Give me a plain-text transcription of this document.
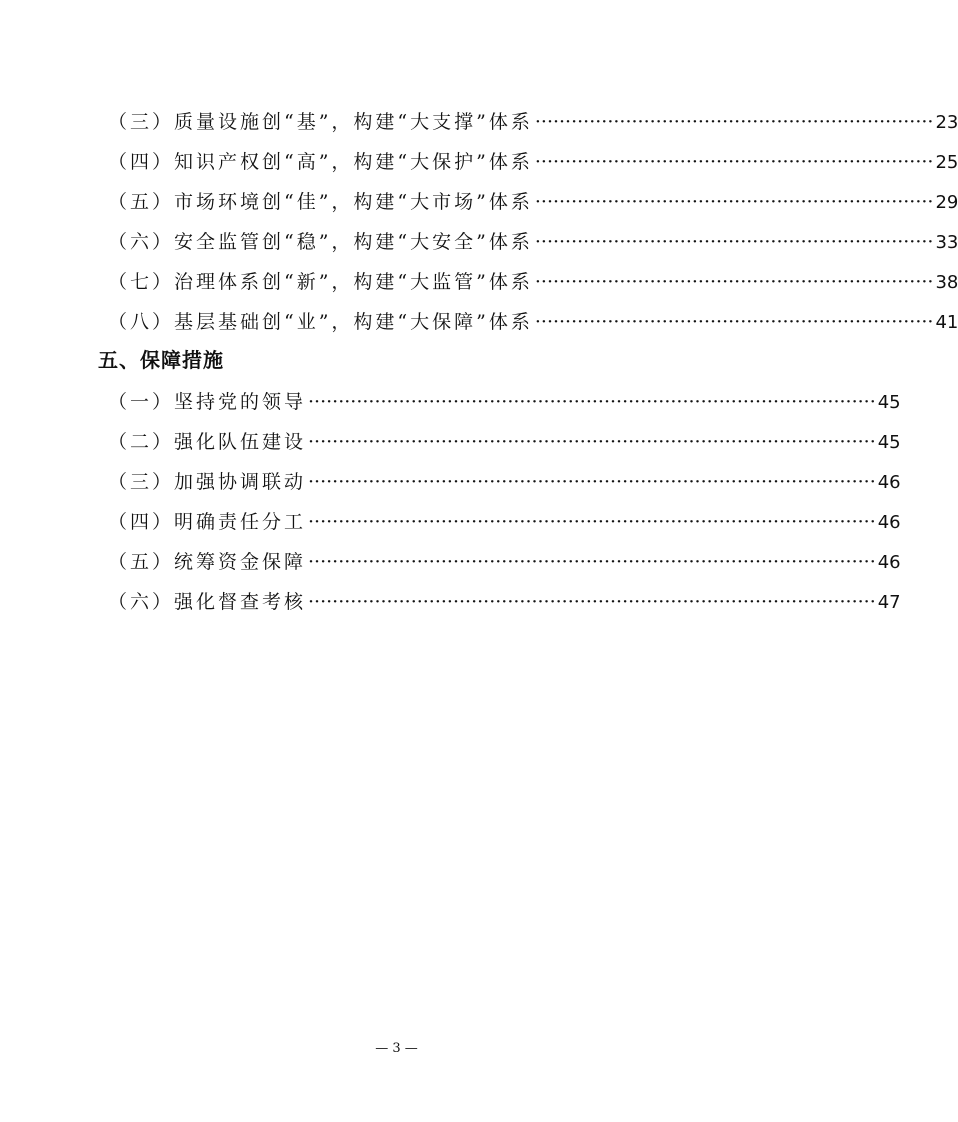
（三）质量设施创“基”，构建“大支撑”体系 ·································································· 23
（四）知识产权创“高”，构建“大保护”体系 ·································································· 25
（五）市场环境创“佳”，构建“大市场”体系 ·································································· 29
（六）安全监管创“稳”，构建“大安全”体系 ·································································· 33
（七）治理体系创“新”，构建“大监管”体系 ·································································· 38
（八）基层基础创“业”，构建“大保障”体系 ·································································· 41
五、保障措施
（一）坚持党的领导 ······························································································ 45
（二）强化队伍建设 ······························································································ 45
（三）加强协调联动 ······························································································ 46
（四）明确责任分工 ······························································································ 46
（五）统筹资金保障 ······························································································ 46
（六）强化督查考核 ······························································································ 47
— 3 —
